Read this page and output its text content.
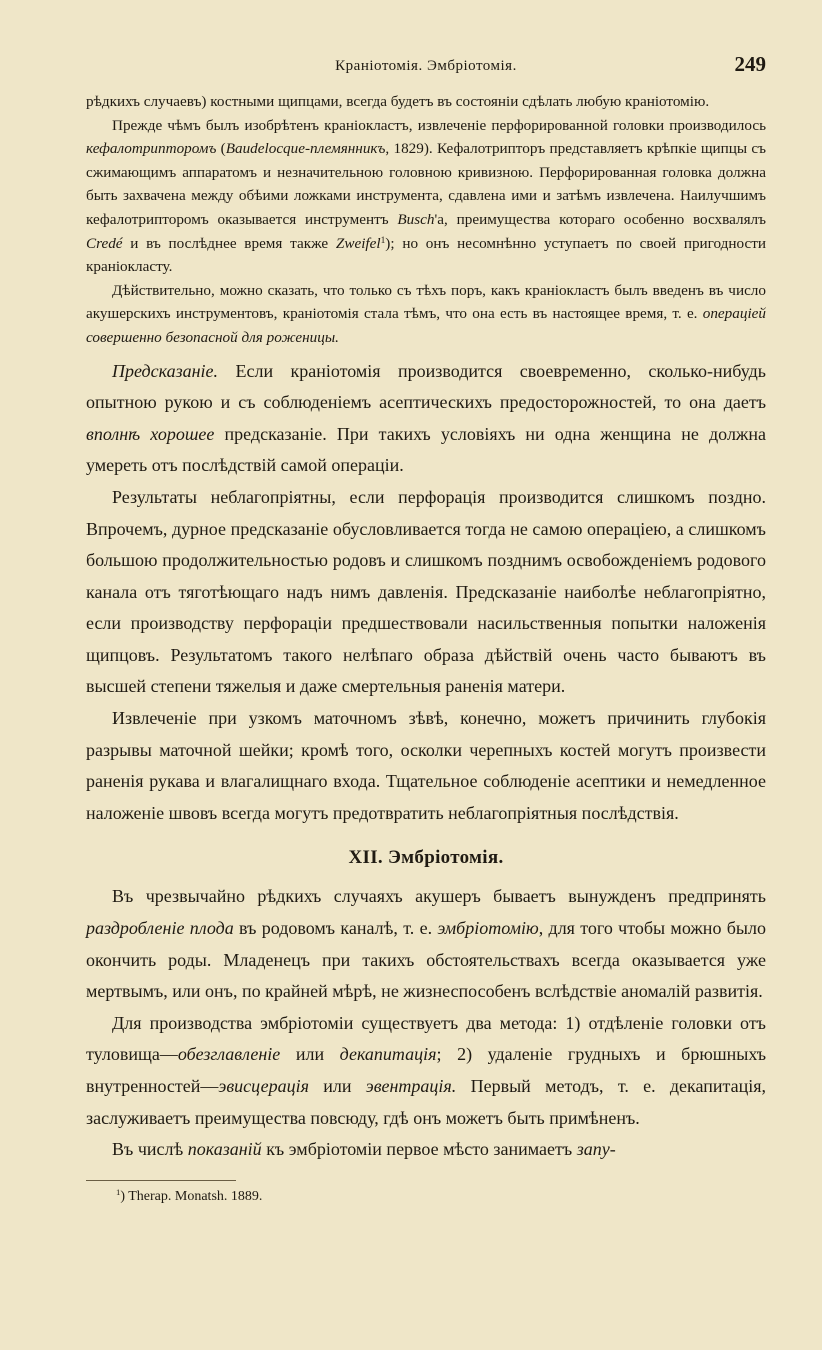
Краніотомія. Эмбріотомія.	249

рѣдкихъ случаевъ) костными щипцами, всегда будетъ въ состояніи сдѣлать любую краніотомію.

Прежде чѣмъ былъ изобрѣтенъ краніокластъ, извлеченіе перфорированной головки производилось кефалотрипторомъ (Baudelocque-племянникъ, 1829). Кефалотрипторъ представляетъ крѣпкіе щипцы съ сжимающимъ аппаратомъ и незначительною головною кривизною. Перфорированная головка должна быть захвачена между обѣими ложками инструмента, сдавлена ими и затѣмъ извлечена. Наилучшимъ кефалотрипторомъ оказывается инструментъ Busch'а, преимущества котораго особенно восхвалялъ Credé и въ послѣднее время также Zweifel$^1$); но онъ несомнѣнно уступаетъ по своей пригодности краніокласту.

Дѣйствительно, можно сказать, что только съ тѣхъ поръ, какъ краніокластъ былъ введенъ въ число акушерскихъ инструментовъ, краніотомія стала тѣмъ, что она есть въ настоящее время, т. е. операціей совершенно безопасной для роженицы.

Предсказаніе. Если краніотомія производится своевременно, сколько-нибудь опытною рукою и съ соблюденіемъ асептическихъ предосторожностей, то она даетъ вполнѣ хорошее предсказаніе. При такихъ условіяхъ ни одна женщина не должна умереть отъ послѣдствій самой операціи.

Результаты неблагопріятны, если перфорація производится слишкомъ поздно. Впрочемъ, дурное предсказаніе обусловливается тогда не самою операціею, а слишкомъ большою продолжительностью родовъ и слишкомъ позднимъ освобожденіемъ родового канала отъ тяготѣющаго надъ нимъ давленія. Предсказаніе наиболѣе неблагопріятно, если производству перфораціи предшествовали насильственныя попытки наложенія щипцовъ. Результатомъ такого нелѣпаго образа дѣйствій очень часто бываютъ въ высшей степени тяжелыя и даже смертельныя раненія матери.

Извлеченіе при узкомъ маточномъ зѣвѣ, конечно, можетъ причинить глубокія разрывы маточной шейки; кромѣ того, осколки черепныхъ костей могутъ произвести раненія рукава и влагалищнаго входа. Тщательное соблюденіе асептики и немедленное наложеніе швовъ всегда могутъ предотвратить неблагопріятныя послѣдствія.

XII. Эмбріотомія.

Въ чрезвычайно рѣдкихъ случаяхъ акушеръ бываетъ вынужденъ предпринять раздробленіе плода въ родовомъ каналѣ, т. е. эмбріотомію, для того чтобы можно было окончить роды. Младенецъ при такихъ обстоятельствахъ всегда оказывается уже мертвымъ, или онъ, по крайней мѣрѣ, не жизнеспособенъ вслѣдствіе аномалій развитія.

Для производства эмбріотоміи существуетъ два метода: 1) отдѣленіе головки отъ туловища—обезглавленіе или декапитація; 2) удаленіе грудныхъ и брюшныхъ внутренностей—эвисцерація или эвентрація. Первый методъ, т. е. декапитація, заслуживаетъ преимущества повсюду, гдѣ онъ можетъ быть примѣненъ.

Въ числѣ показаній къ эмбріотоміи первое мѣсто занимаетъ запу-

$^1$) Therap. Monatsh. 1889.
